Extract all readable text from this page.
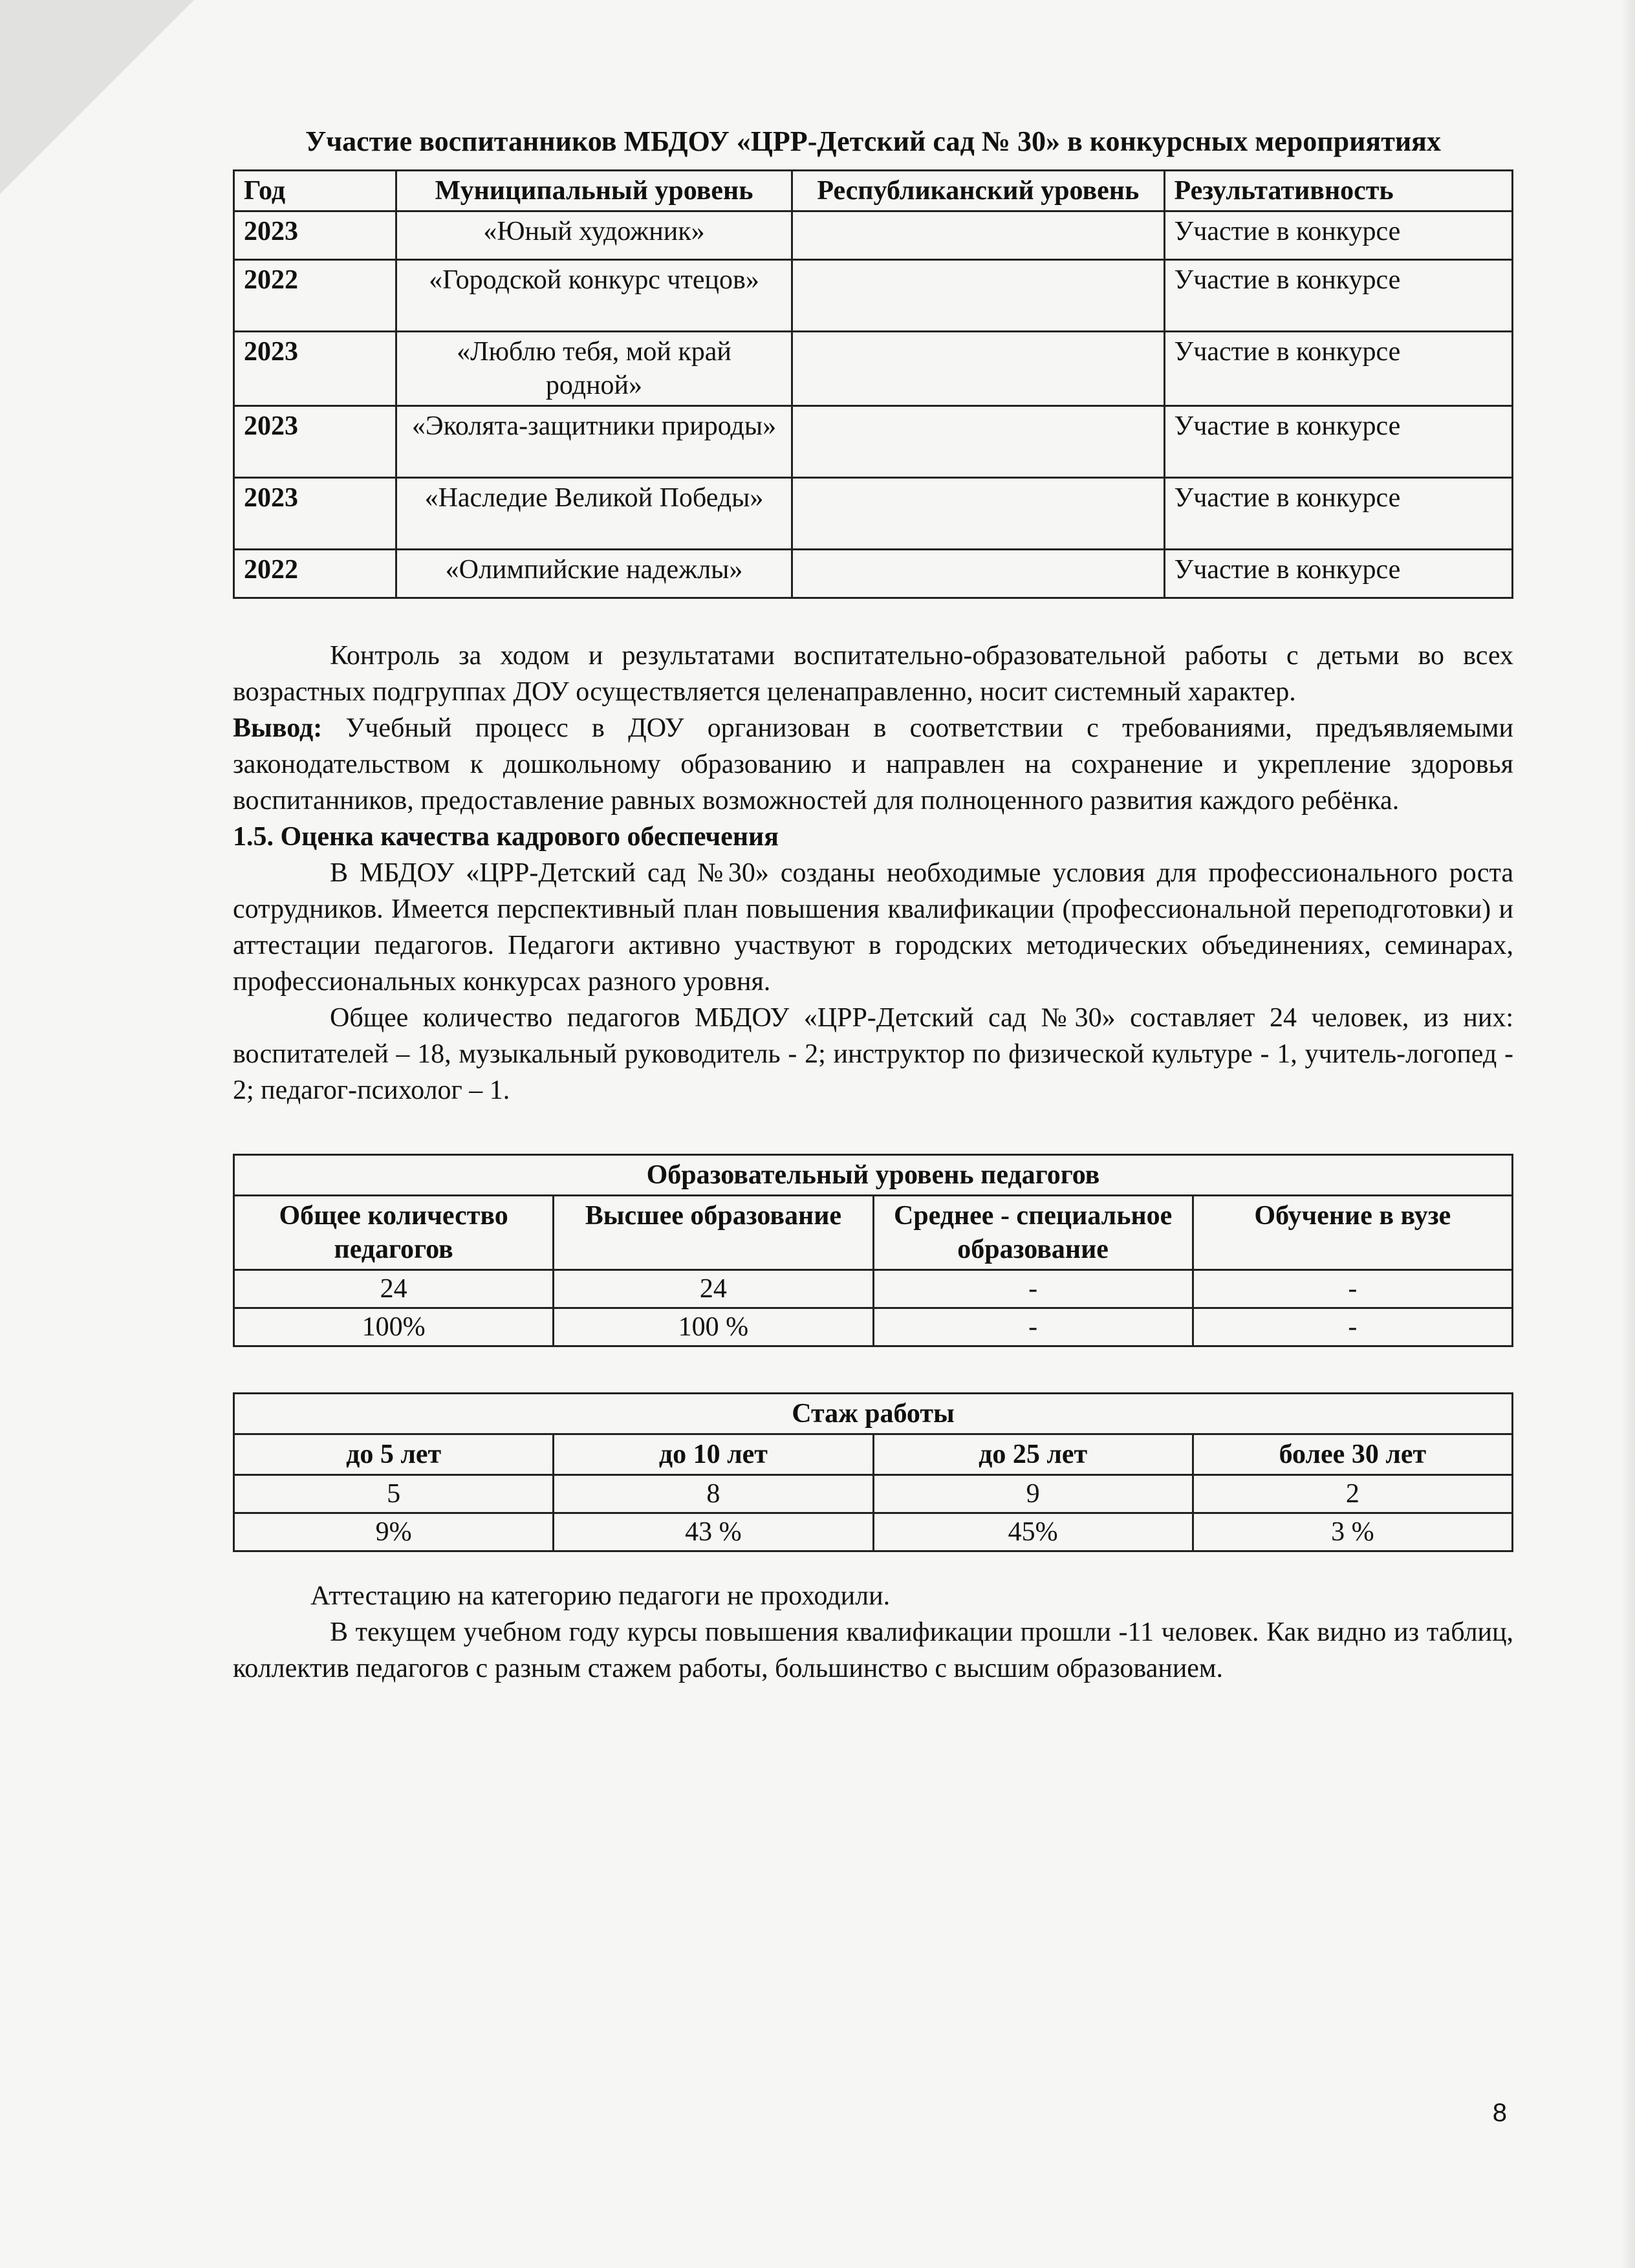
Участие воспитанников МБДОУ «ЦРР-Детский сад № 30» в конкурсных мероприятиях
Год	Муниципальный уровень	Республиканский уровень	Результативность
2023	«Юный художник»		Участие в конкурсе
2022	«Городской конкурс чтецов»		Участие в конкурсе
2023	«Люблю тебя, мой край родной»		Участие в конкурсе
2023	«Эколята-защитники природы»		Участие в конкурсе
2023	«Наследие Великой Победы»		Участие в конкурсе
2022	«Олимпийские надежлы»		Участие в конкурсе

Контроль за ходом и результатами воспитательно-образовательной работы с детьми во всех возрастных подгруппах ДОУ осуществляется целенаправленно, носит системный характер.

Вывод: Учебный процесс в ДОУ организован в соответствии с требованиями, предъявляемыми законодательством к дошкольному образованию и направлен на сохранение и укрепление здоровья воспитанников, предоставление равных возможностей для полноценного развития каждого ребёнка.

1.5. Оценка качества кадрового обеспечения

В МБДОУ «ЦРР-Детский сад №30» созданы необходимые условия для профессионального роста сотрудников. Имеется перспективный план повышения квалификации (профессиональной переподготовки) и аттестации педагогов. Педагоги активно участвуют в городских методических объединениях, семинарах, профессиональных конкурсах разного уровня.

Общее количество педагогов МБДОУ «ЦРР-Детский сад №30» составляет 24 человек, из них: воспитателей – 18, музыкальный руководитель - 2; инструктор по физической культуре - 1, учитель-логопед - 2; педагог-психолог – 1.

Образовательный уровень педагогов			
Общее количество педагогов	Высшее образование	Среднее - специальное образование	Обучение в вузе
24	24	-	-
100%	100 %	-	-
Стаж работы			
до 5 лет	до 10 лет	до 25 лет	более 30 лет
5	8	9	2
9%	43 %	45%	3 %

Аттестацию на категорию педагоги не проходили.

В текущем учебном году курсы повышения квалификации прошли -11 человек. Как видно из таблиц, коллектив педагогов с разным стажем работы, большинство с высшим образованием.

8
